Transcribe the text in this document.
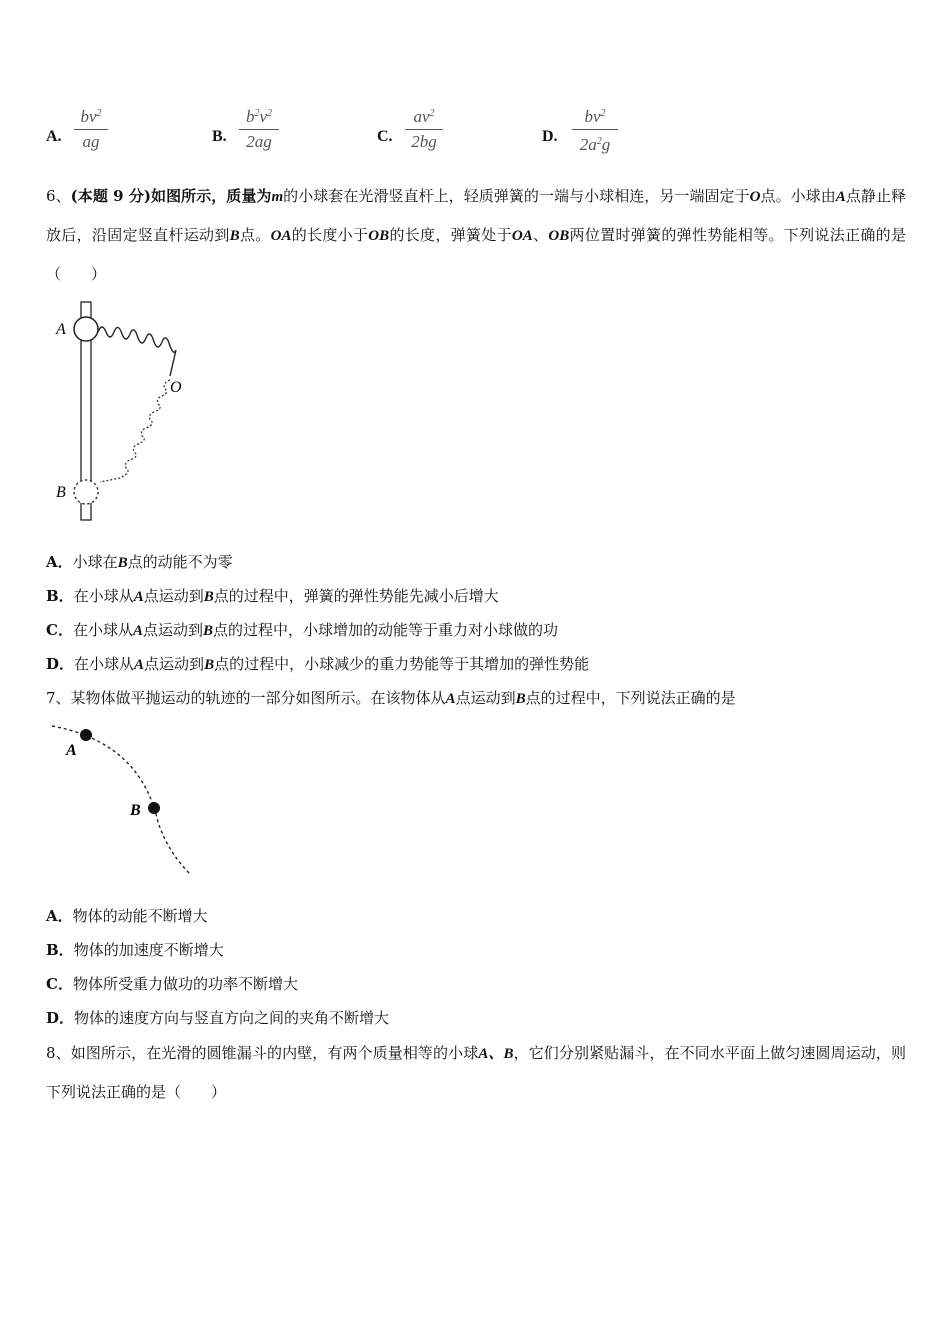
A.
$bv^2$
ag	B.
$b^2v^2$
2ag	C.
$av^2$
2bg	D.
$bv^2$
$2a^2g$
6、(本题 9 分)如图所示，质量为m的小球套在光滑竖直杆上，轻质弹簧的一端与小球相连，另一端固定于O点。小球由A点静止释放后，沿固定竖直杆运动到B点。OA的长度小于OB的长度，弹簧处于OA、OB两位置时弹簧的弹性势能相等。下列说法正确的是（　　）
A
O
B
A．小球在B点的动能不为零
B．在小球从A点运动到B点的过程中，弹簧的弹性势能先减小后增大
C．在小球从A点运动到B点的过程中，小球增加的动能等于重力对小球做的功
D．在小球从A点运动到B点的过程中，小球减少的重力势能等于其增加的弹性势能
7、某物体做平抛运动的轨迹的一部分如图所示。在该物体从A点运动到B点的过程中，下列说法正确的是
A
B
A．物体的动能不断增大
B．物体的加速度不断增大
C．物体所受重力做功的功率不断增大
D．物体的速度方向与竖直方向之间的夹角不断增大
8、如图所示，在光滑的圆锥漏斗的内壁，有两个质量相等的小球A、B，它们分别紧贴漏斗，在不同水平面上做匀速圆周运动，则下列说法正确的是（　　）
